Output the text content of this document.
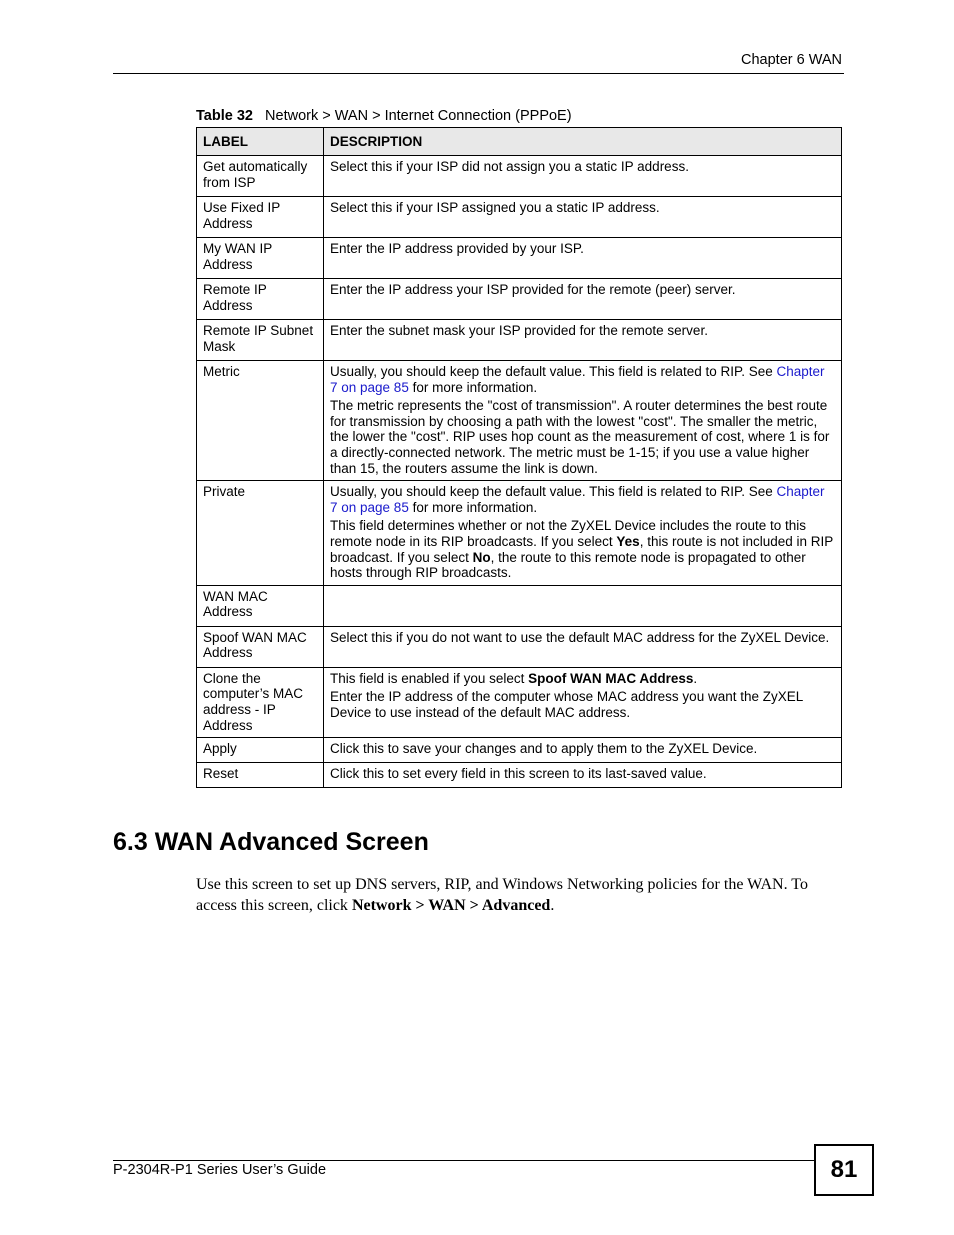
Chapter 6 WAN
Table 32 Network > WAN > Internet Connection (PPPoE)
LABEL	DESCRIPTION
Get automatically from ISP	Select this if your ISP did not assign you a static IP address.
Use Fixed IP Address	Select this if your ISP assigned you a static IP address.
My WAN IP Address	Enter the IP address provided by your ISP.
Remote IP Address	Enter the IP address your ISP provided for the remote (peer) server.
Remote IP Subnet Mask	Enter the subnet mask your ISP provided for the remote server.
Metric	Usually, you should keep the default value. This field is related to RIP. See Chapter 7 on page 85 for more information.

The metric represents the "cost of transmission". A router determines the best route for transmission by choosing a path with the lowest "cost". The smaller the metric, the lower the "cost". RIP uses hop count as the measurement of cost, where 1 is for a directly-connected network. The metric must be 1-15; if you use a value higher than 15, the routers assume the link is down.

Private	Usually, you should keep the default value. This field is related to RIP. See Chapter 7 on page 85 for more information.

This field determines whether or not the ZyXEL Device includes the route to this remote node in its RIP broadcasts. If you select Yes, this route is not included in RIP broadcast. If you select No, the route to this remote node is propagated to other hosts through RIP broadcasts.

WAN MAC Address	
Spoof WAN MAC Address	Select this if you do not want to use the default MAC address for the ZyXEL Device.
Clone the computer’s MAC address - IP Address	This field is enabled if you select Spoof WAN MAC Address.

Enter the IP address of the computer whose MAC address you want the ZyXEL Device to use instead of the default MAC address.

Apply	Click this to save your changes and to apply them to the ZyXEL Device.
Reset	Click this to set every field in this screen to its last-saved value.
6.3 WAN Advanced Screen
Use this screen to set up DNS servers, RIP, and Windows Networking policies for the WAN. To access this screen, click Network > WAN > Advanced.
P-2304R-P1 Series User’s Guide	81
